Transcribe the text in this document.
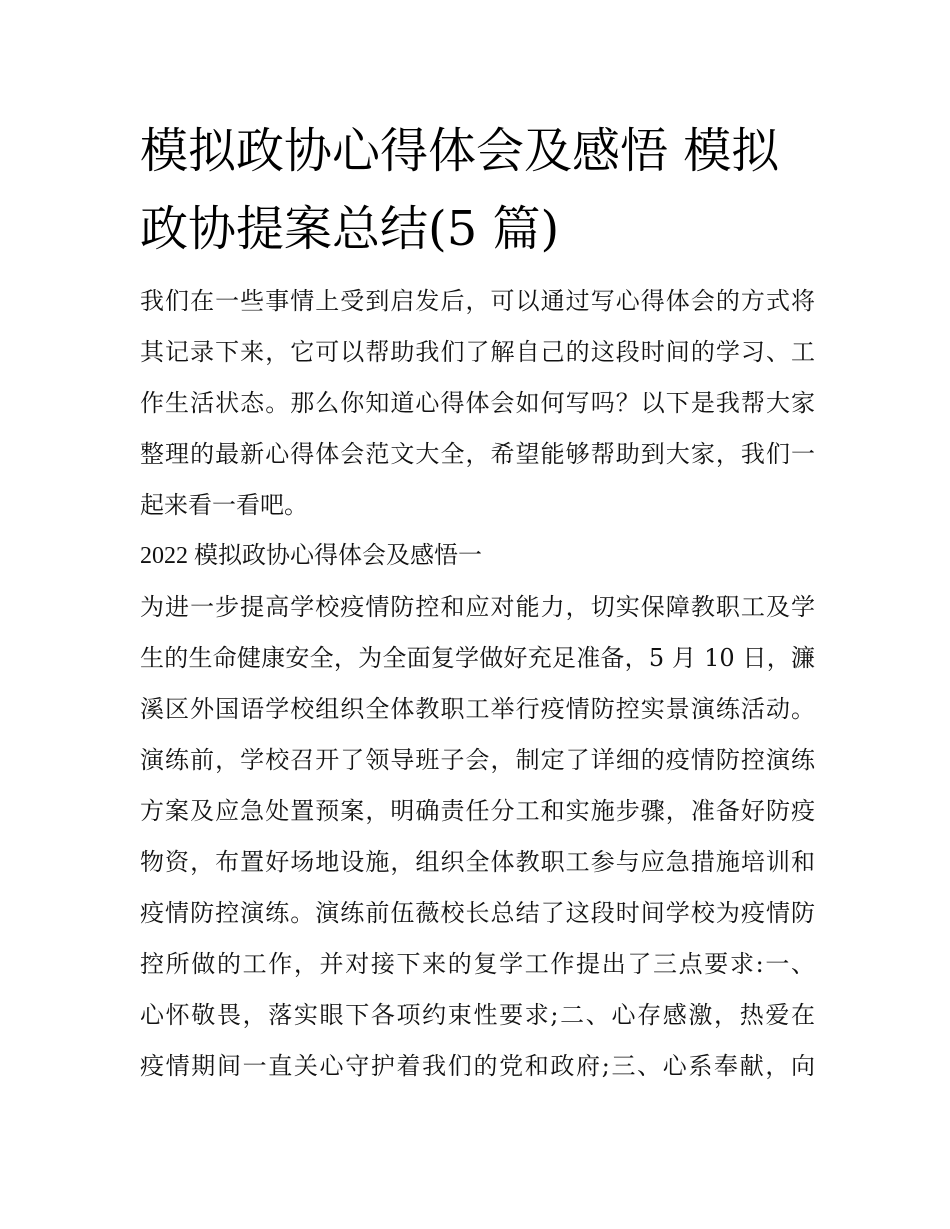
模拟政协心得体会及感悟 模拟
政协提案总结(5 篇)
我们在一些事情上受到启发后，可以通过写心得体会的方式将
其记录下来，它可以帮助我们了解自己的这段时间的学习、工
作生活状态。那么你知道心得体会如何写吗？以下是我帮大家
整理的最新心得体会范文大全，希望能够帮助到大家，我们一
起来看一看吧。
2022 模拟政协心得体会及感悟一
为进一步提高学校疫情防控和应对能力，切实保障教职工及学
生的生命健康安全，为全面复学做好充足准备，5 月 10 日，濂
溪区外国语学校组织全体教职工举行疫情防控实景演练活动。
演练前，学校召开了领导班子会，制定了详细的疫情防控演练
方案及应急处置预案，明确责任分工和实施步骤，准备好防疫
物资，布置好场地设施，组织全体教职工参与应急措施培训和
疫情防控演练。演练前伍薇校长总结了这段时间学校为疫情防
控所做的工作，并对接下来的复学工作提出了三点要求:一、
心怀敬畏，落实眼下各项约束性要求;二、心存感激，热爱在
疫情期间一直关心守护着我们的党和政府;三、心系奉献，向
